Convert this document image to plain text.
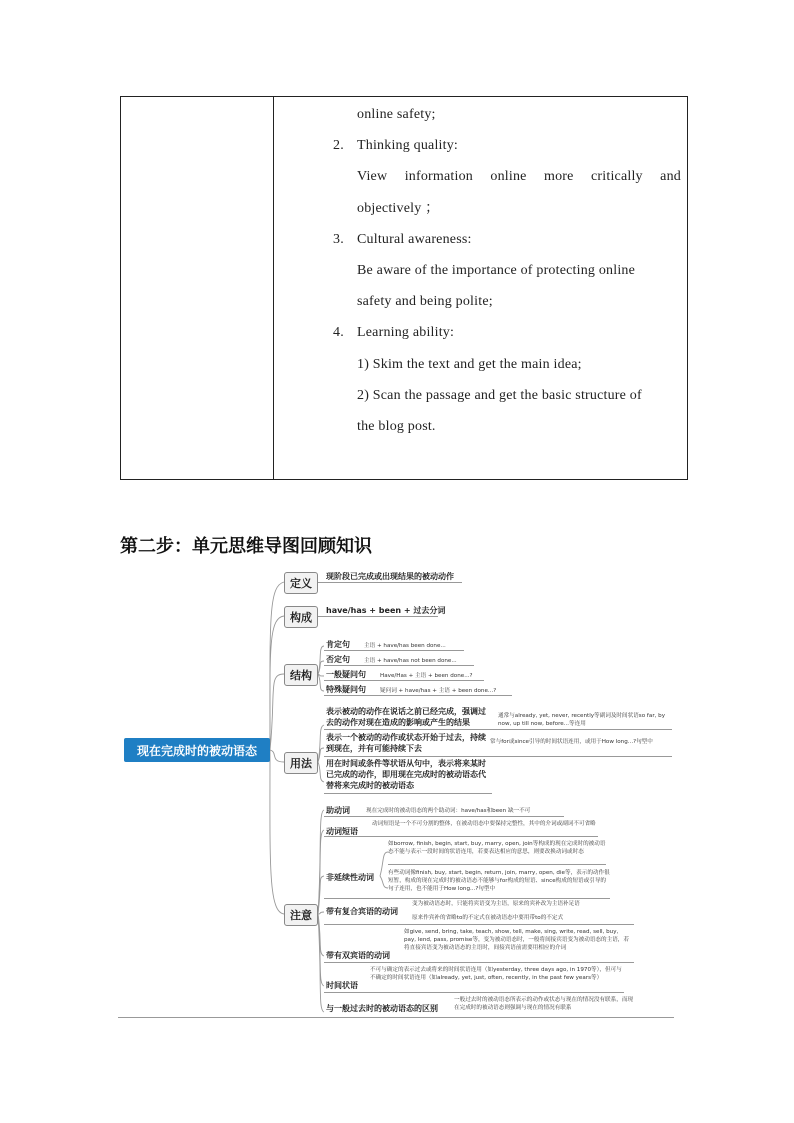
online safety;
2. Thinking quality:
View information online more critically and
objectively ；
3. Cultural awareness:
Be aware of the importance of protecting online
safety and being polite;
4. Learning ability:
1) Skim the text and get the main idea;
2) Scan the passage and get the basic structure of
the blog post.
第二步：单元思维导图回顾知识
现在完成时的被动语态
定义
现阶段已完成或出现结果的被动动作
构成
have/has + been + 过去分词
结构
肯定句	主语 + have/has been done...
否定句	主语 + have/has not been done...
一般疑问句	Have/Has + 主语 + been done...?
特殊疑问句	疑问词 + have/has + 主语 + been done...?
用法
表示被动的动作在说话之前已经完成，强调过去的动作对现在造成的影响或产生的结果
通常与already, yet, never, recently等副词及时间状语so far, by now, up till now, before...等连用
表示一个被动的动作或状态开始于过去，持续到现在，并有可能持续下去
常与for或since引导的时间状语连用，或用于How long...?句型中
用在时间或条件等状语从句中，表示将来某时已完成的动作，即用现在完成时的被动语态代替将来完成时的被动语态
注意
助动词	现在完成时的被动语态的两个助动词：have/has和been 缺一不可
动词短语
动词短语是一个不可分割的整体，在被动语态中要保持完整性，其中的介词或副词不可省略
非延续性动词
如borrow, finish, begin, start, buy, marry, open, join等构成的现在完成时的被动语态不能与表示一段时间的状语连用，若要表达相应的意思，则要改换动词或时态
有些动词像finish, buy, start, begin, return, join, marry, open, die等，表示的动作很短暂，构成的现在完成时的被动语态不能够与for构成的短语、since构成的短语或引导的句子连用，也不能用于How long...?句型中
带有复合宾语的动词
变为被动语态时，只能将宾语变为主语，原来的宾补改为主语补足语
原来作宾补的省略to的不定式在被动语态中要用带to的不定式
带有双宾语的动词
如give, send, bring, take, teach, show, tell, make, sing, write, read, sell, buy, pay, lend, pass, promise等，变为被动语态时，一般将间接宾语变为被动语态的主语，若将直接宾语变为被动语态的主语时，间接宾语前需要用相应的介词
时间状语
不可与确定的表示过去或将来的时间状语连用（如yesterday, three days ago, in 1970等），但可与不确定的时间状语连用（如already, yet, just, often, recently, in the past few years等）
与一般过去时的被动语态的区别
一般过去时的被动语态所表示的动作或状态与现在的情况没有联系，而现在完成时的被动语态则强调与现在的情况有联系
